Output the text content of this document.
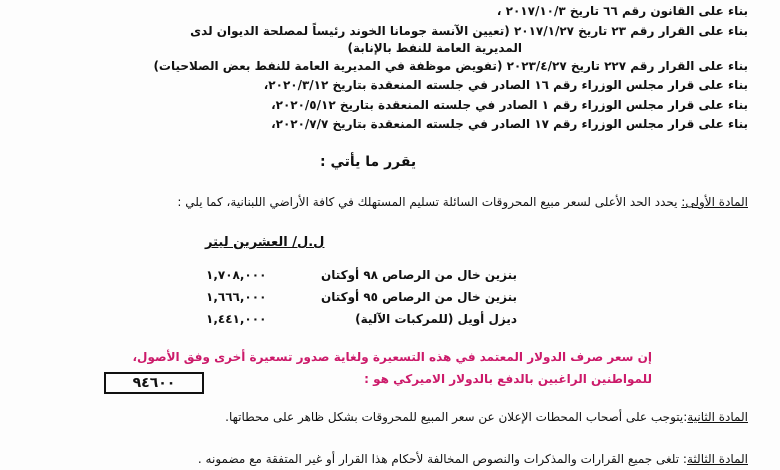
بناء على القانون رقم ٦٦ تاريخ ٢٠١٧/١٠/٣ ،
بناء على القرار رقم ٢٣ تاريخ ٢٠١٧/١/٢٧ (تعيين الآنسة جومانا الخوند رئيساً لمصلحة الديوان لدى
المديرية العامة للنفط بالإنابة)
بناء على القرار رقم ٢٢٧ تاريخ ٢٠٢٣/٤/٢٧ (تفويض موظفة في المديرية العامة للنفط بعض الصلاحيات)
بناء على قرار مجلس الوزراء رقم ١٦ الصادر في جلسته المنعقدة بتاريخ ٢٠٢٠/٣/١٢،
بناء على قرار مجلس الوزراء رقم ١ الصادر في جلسته المنعقدة بتاريخ ٢٠٢٠/٥/١٢،
بناء على قرار مجلس الوزراء رقم ١٧ الصادر في جلسته المنعقدة بتاريخ ٢٠٢٠/٧/٧،
يقرر ما يأتي :
المادة الأولى: يحدد الحد الأعلى لسعر مبيع المحروقات السائلة تسليم المستهلك في كافة الأراضي اللبنانية، كما يلي :
ل.ل/ العشرين ليتر
بنزين خال من الرصاص ٩٨ أوكتان
١,٧٠٨,٠٠٠
بنزين خال من الرصاص ٩٥ أوكتان
١,٦٦٦,٠٠٠
ديزل أويل (للمركبات الآلية)
١,٤٤١,٠٠٠
إن سعر صرف الدولار المعتمد في هذه التسعيرة ولغاية صدور تسعيرة أخرى وفق الأصول،
للمواطنين الراغبين بالدفع بالدولار الاميركي هو :
٩٤٦٠٠
المادة الثانية:يتوجب على أصحاب المحطات الإعلان عن سعر المبيع للمحروقات بشكل ظاهر على محطاتها.
المادة الثالثة: تلغى جميع القرارات والمذكرات والنصوص المخالفة لأحكام هذا القرار أو غير المتفقة مع مضمونه .
